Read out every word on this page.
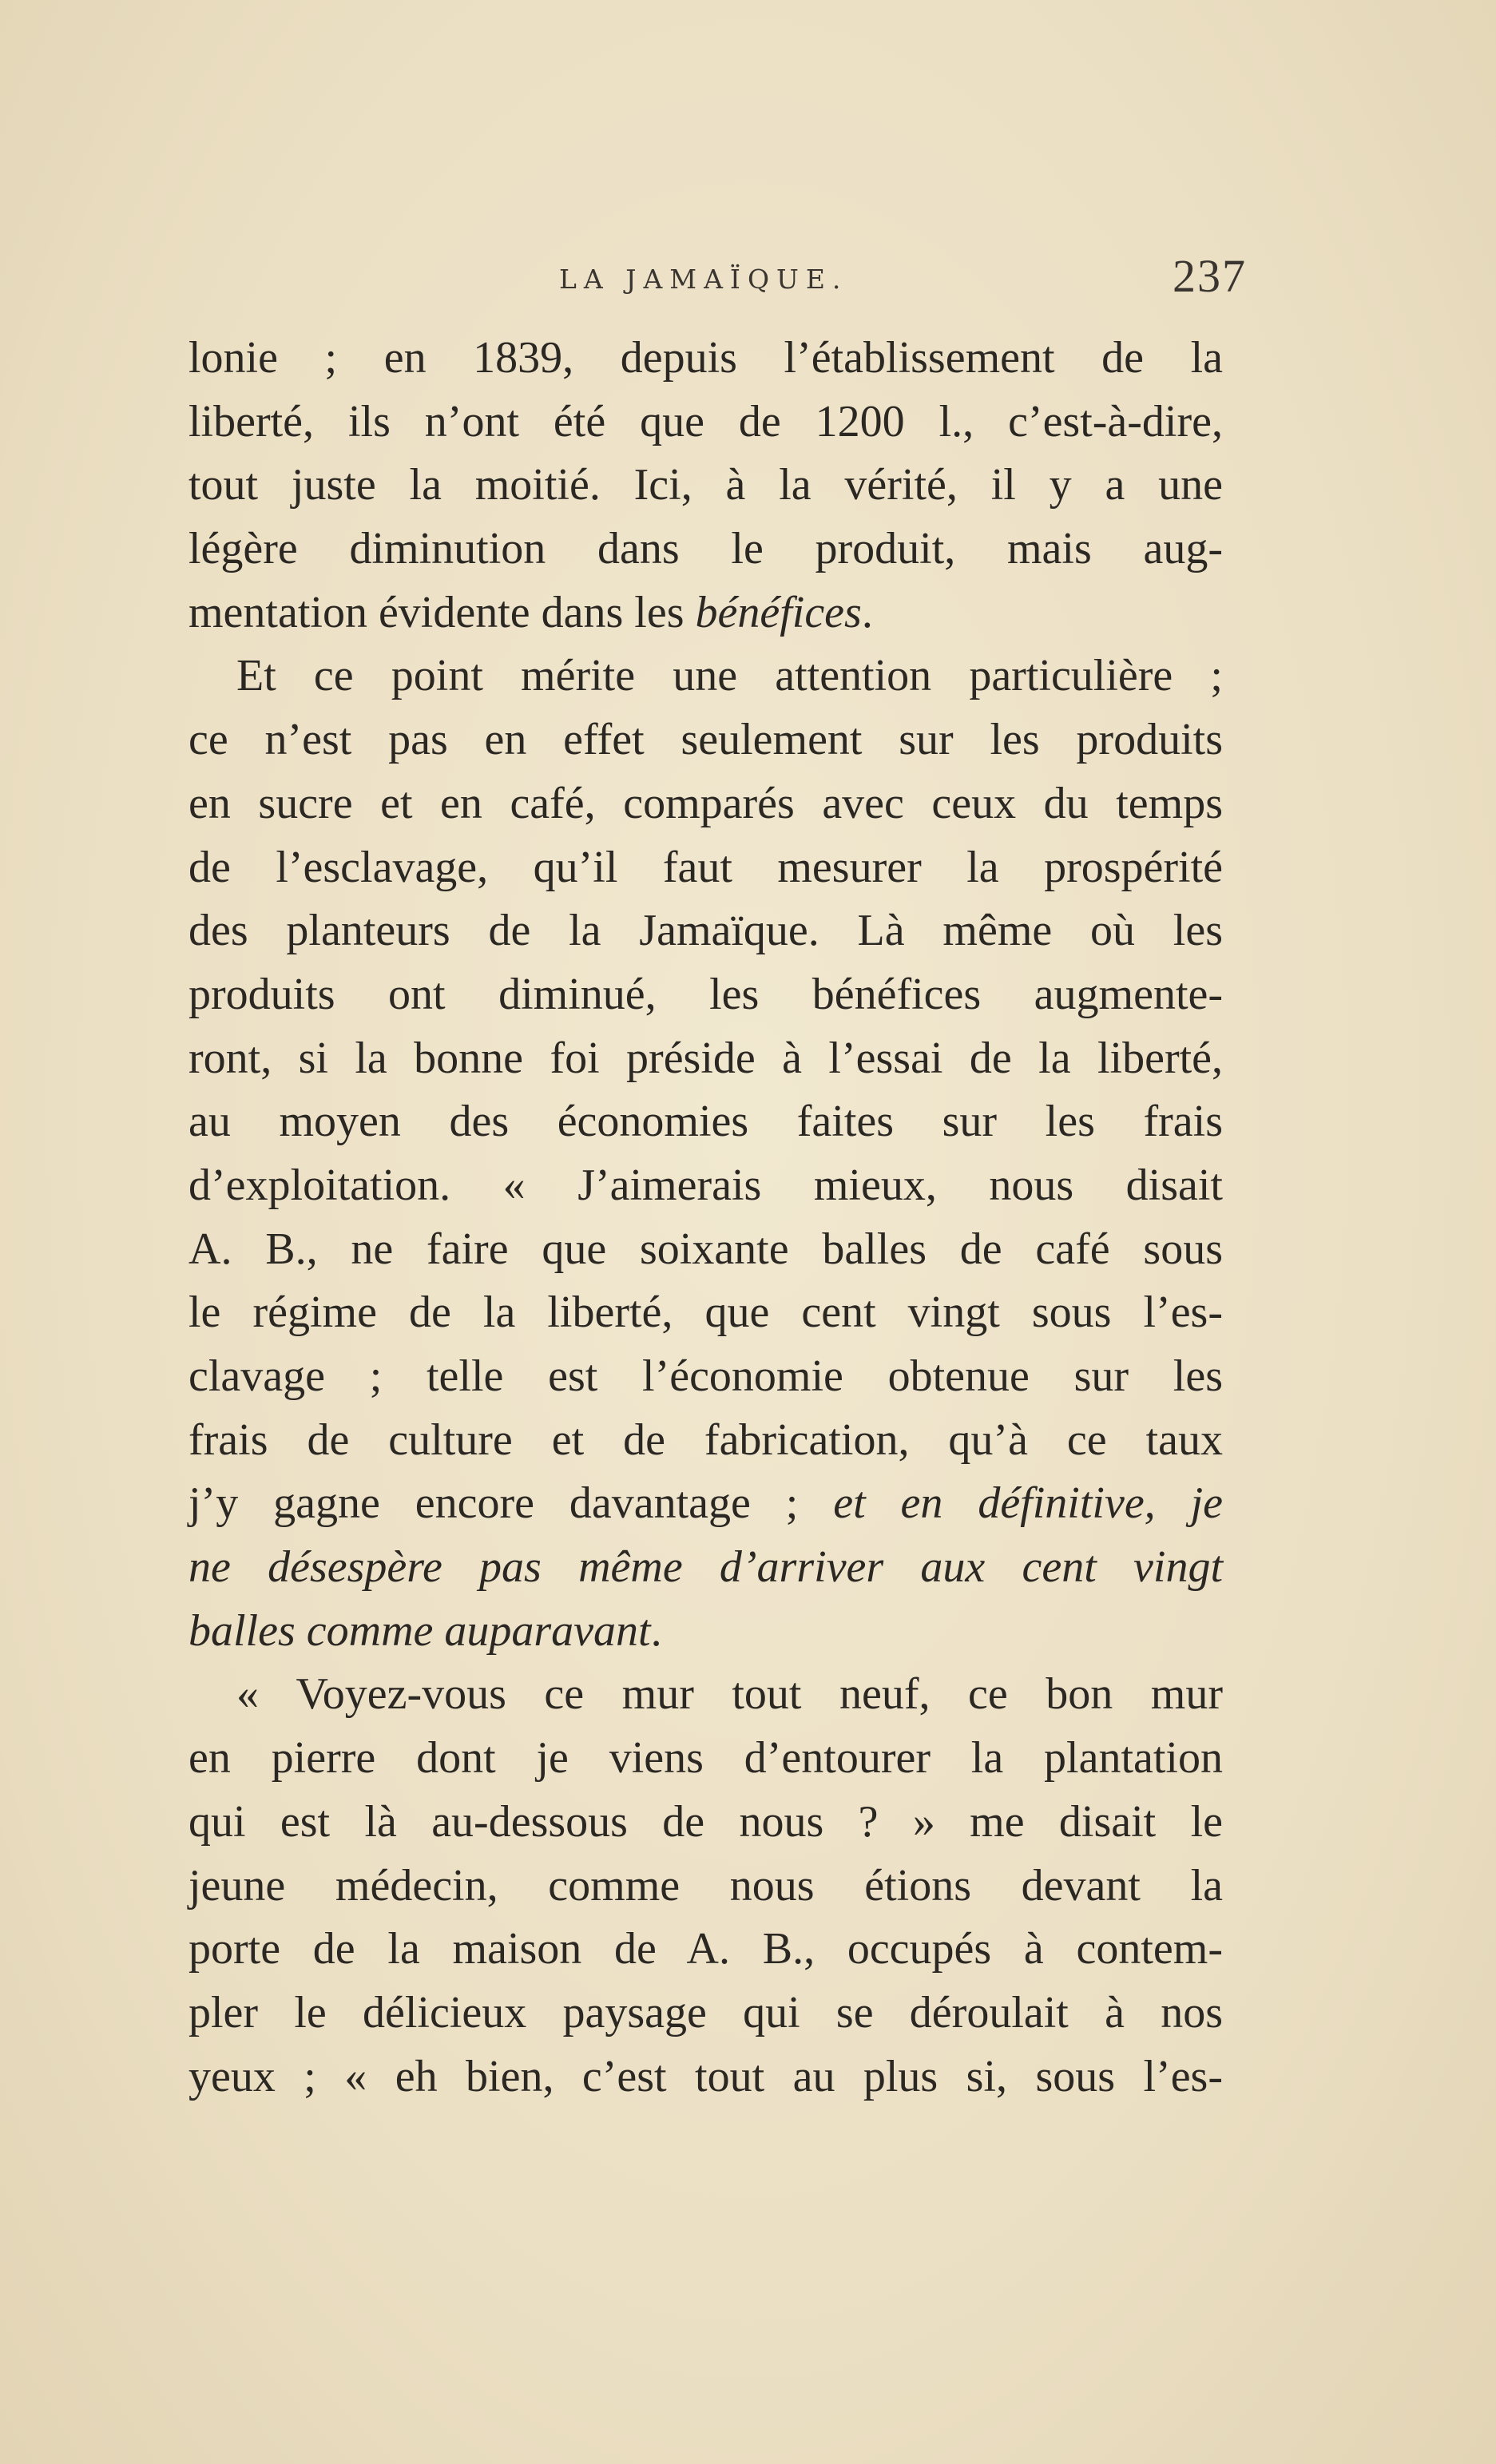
LA JAMAÏQUE.	237
lonie ; en 1839, depuis l’établissement de la
liberté, ils n’ont été que de 1200 l., c’est-à-dire,
tout juste la moitié. Ici, à la vérité, il y a une
légère diminution dans le produit, mais aug-
mentation évidente dans les bénéfices.
Et ce point mérite une attention particulière ;
ce n’est pas en effet seulement sur les produits
en sucre et en café, comparés avec ceux du temps
de l’esclavage, qu’il faut mesurer la prospérité
des planteurs de la Jamaïque. Là même où les
produits ont diminué, les bénéfices augmente-
ront, si la bonne foi préside à l’essai de la liberté,
au moyen des économies faites sur les frais
d’exploitation. « J’aimerais mieux, nous disait
A. B., ne faire que soixante balles de café sous
le régime de la liberté, que cent vingt sous l’es-
clavage ; telle est l’économie obtenue sur les
frais de culture et de fabrication, qu’à ce taux
j’y gagne encore davantage ; et en définitive, je
ne désespère pas même d’arriver aux cent vingt
balles comme auparavant.
« Voyez-vous ce mur tout neuf, ce bon mur
en pierre dont je viens d’entourer la plantation
qui est là au-dessous de nous ? » me disait le
jeune médecin, comme nous étions devant la
porte de la maison de A. B., occupés à contem-
pler le délicieux paysage qui se déroulait à nos
yeux ; « eh bien, c’est tout au plus si, sous l’es-
